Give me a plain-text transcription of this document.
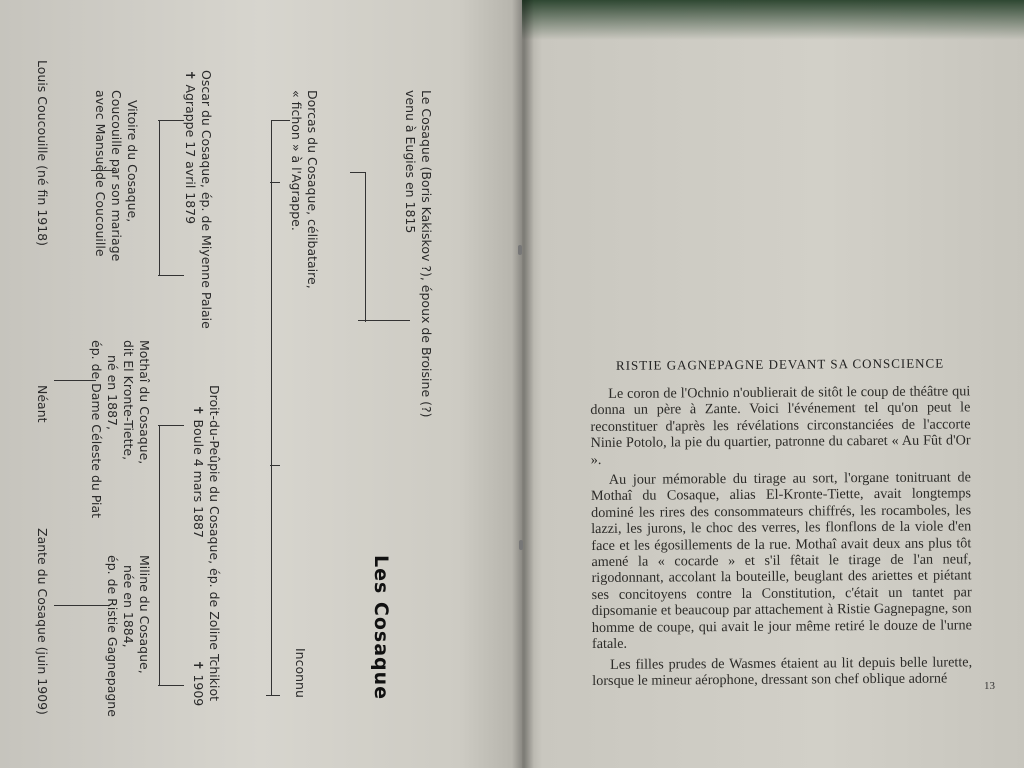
Le Cosaque (Boris Kakiskov ?), époux de Broisine (?)
venu à Eugies en 1815
Dorcas du Cosaque, célibataire,
« fichon » à l'Agrappe.
Inconnu
Oscar du Cosaque, ép. de Miyenne Palaie
✝ Agrappe 17 avril 1879
Droit-du-Peûpie du Cosaque, ép. de Zoline Tchikiot
✝ Boule 4 mars 1887
✝ 1909
Vitoire du Cosaque,
Coucouille par son mariage
avec Mansuède Coucouille
Mothaî du Cosaque,
dit El Kronte-Tiette,
né en 1887,
ép. de Dame Céleste du Piat
Miline du Cosaque,
née en 1884,
ép. de Ristie Gagnepagne
Louis Coucouille (né fin 1918)
Néant
Zante du Cosaque (juin 1909)	Les Cosaque
RISTIE GAGNEPAGNE DEVANT SA CONSCIENCE

Le coron de l'Ochnio n'oublierait de sitôt le coup de théâtre qui donna un père à Zante. Voici l'événement tel qu'on peut le reconstituer d'après les révélations circonstanciées de l'accorte Ninie Potolo, la pie du quartier, patronne du cabaret « Au Fût d'Or ».

Au jour mémorable du tirage au sort, l'organe tonitruant de Mothaî du Cosaque, alias El-Kronte-Tiette, avait longtemps dominé les rires des consommateurs chiffrés, les rocamboles, les lazzi, les jurons, le choc des verres, les flonflons de la viole d'en face et les égosillements de la rue. Mothaî avait deux ans plus tôt amené la « cocarde » et s'il fêtait le tirage de l'an neuf, rigodonnant, accolant la bouteille, beuglant des ariettes et piétant ses concitoyens contre la Constitution, c'était un tantet par dipsomanie et beaucoup par attachement à Ristie Gagnepagne, son homme de coupe, qui avait le jour même retiré le douze de l'urne fatale.

Les filles prudes de Wasmes étaient au lit depuis belle lurette, lorsque le mineur aérophone, dressant son chef oblique adorné	13
